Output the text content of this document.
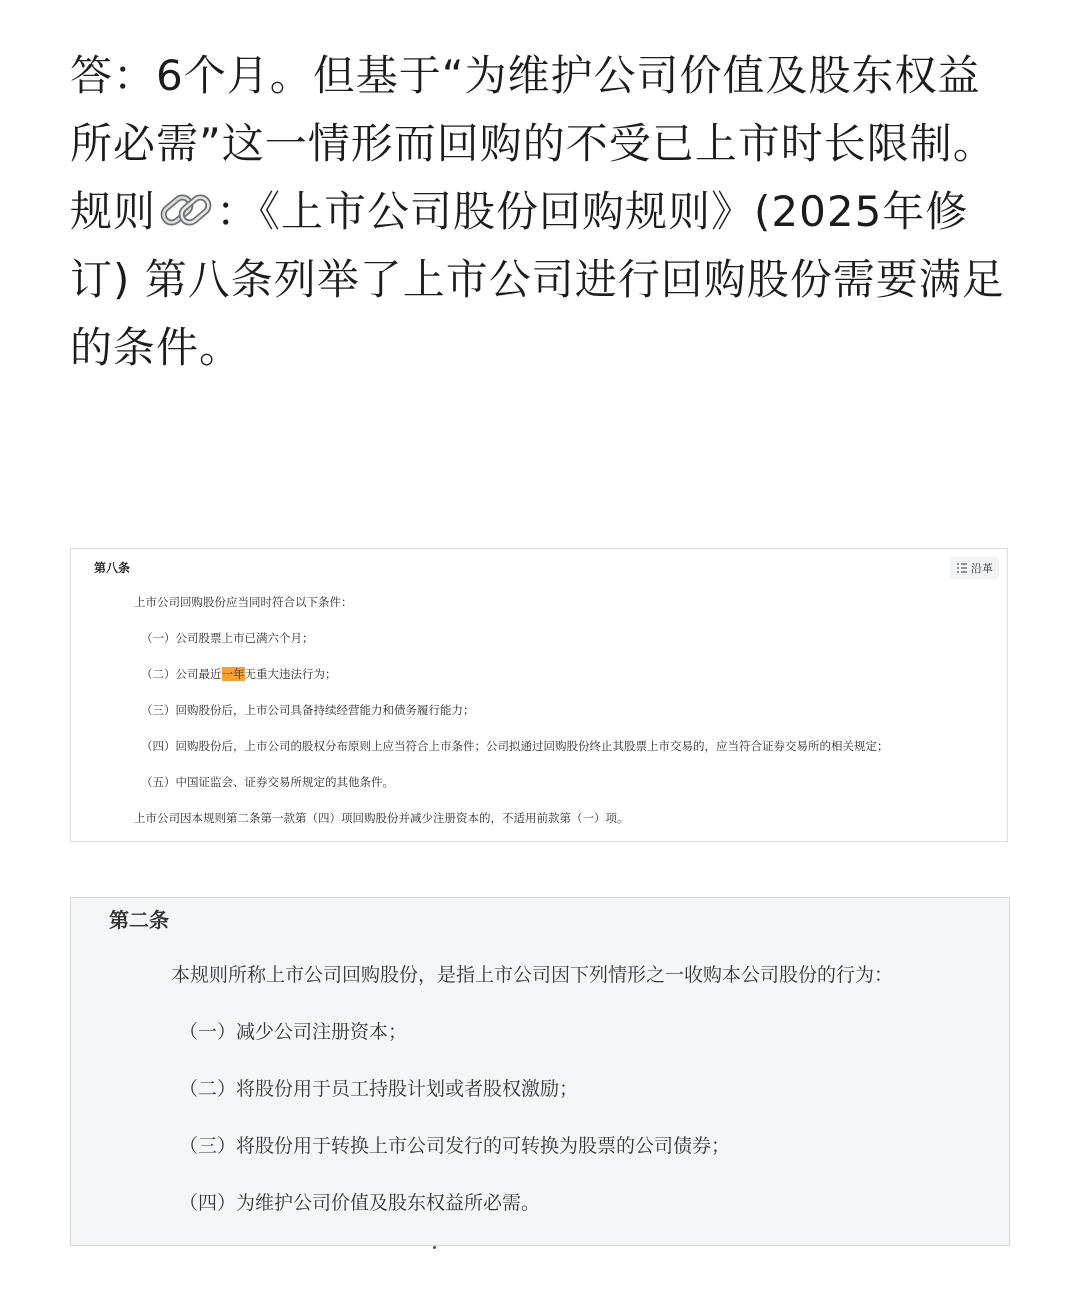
答：6个月。但基于“为维护公司价值及股东权益所必需”这一情形而回购的不受已上市时长限制。

规则 ：《上市公司股份回购规则》(2025年修订) 第八条列举了上市公司进行回购股份需要满足的条件。

第八条	沿革
上市公司回购股份应当同时符合以下条件：
（一）公司股票上市已满六个月；
（二）公司最近一年无重大违法行为；
（三）回购股份后，上市公司具备持续经营能力和债务履行能力；
（四）回购股份后，上市公司的股权分布原则上应当符合上市条件；公司拟通过回购股份终止其股票上市交易的，应当符合证券交易所的相关规定；
（五）中国证监会、证券交易所规定的其他条件。
上市公司因本规则第二条第一款第（四）项回购股份并减少注册资本的，不适用前款第（一）项。
第二条
本规则所称上市公司回购股份，是指上市公司因下列情形之一收购本公司股份的行为：
（一）减少公司注册资本；
（二）将股份用于员工持股计划或者股权激励；
（三）将股份用于转换上市公司发行的可转换为股票的公司债券；
（四）为维护公司价值及股东权益所必需。
